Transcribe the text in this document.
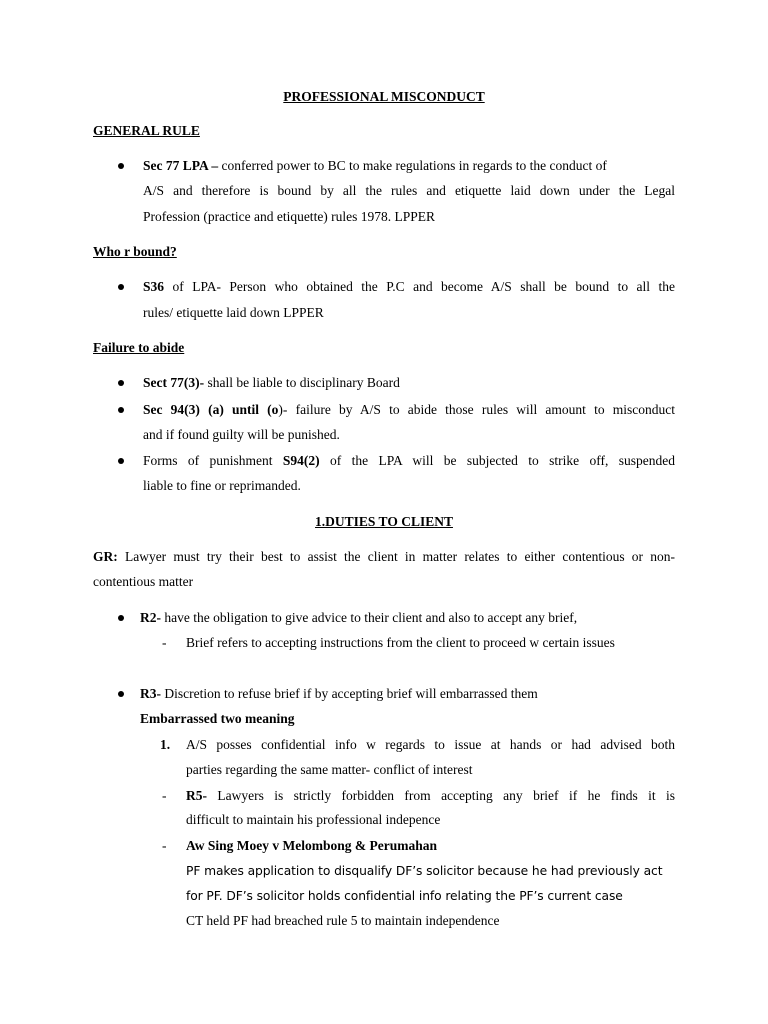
PROFESSIONAL MISCONDUCT
GENERAL RULE
Sec 77 LPA – conferred power to BC to make regulations in regards to the conduct of
A/S and therefore is bound by all the rules and etiquette laid down under the Legal
Profession (practice and etiquette) rules 1978. LPPER
Who r bound?
S36 of LPA- Person who obtained the P.C and become A/S shall be bound to all the
rules/ etiquette laid down LPPER
Failure to abide
Sect 77(3)- shall be liable to disciplinary Board
Sec 94(3) (a) until (o)- failure by A/S to abide those rules will amount to misconduct
and if found guilty will be punished.
Forms of punishment S94(2) of the LPA will be subjected to strike off, suspended
liable to fine or reprimanded.
1.DUTIES TO CLIENT
GR: Lawyer must try their best to assist the client in matter relates to either contentious or non-
contentious matter
R2- have the obligation to give advice to their client and also to accept any brief,
- Brief refers to accepting instructions from the client to proceed w certain issues
R3- Discretion to refuse brief if by accepting brief will embarrassed them
Embarrassed two meaning
1. A/S posses confidential info w regards to issue at hands or had advised both
parties regarding the same matter- conflict of interest
- R5- Lawyers is strictly forbidden from accepting any brief if he finds it is
difficult to maintain his professional indepence
- Aw Sing Moey v Melombong & Perumahan
PF makes application to disqualify DF’s solicitor because he had previously act
for PF. DF’s solicitor holds confidential info relating the PF’s current case
CT held PF had breached rule 5 to maintain independence
